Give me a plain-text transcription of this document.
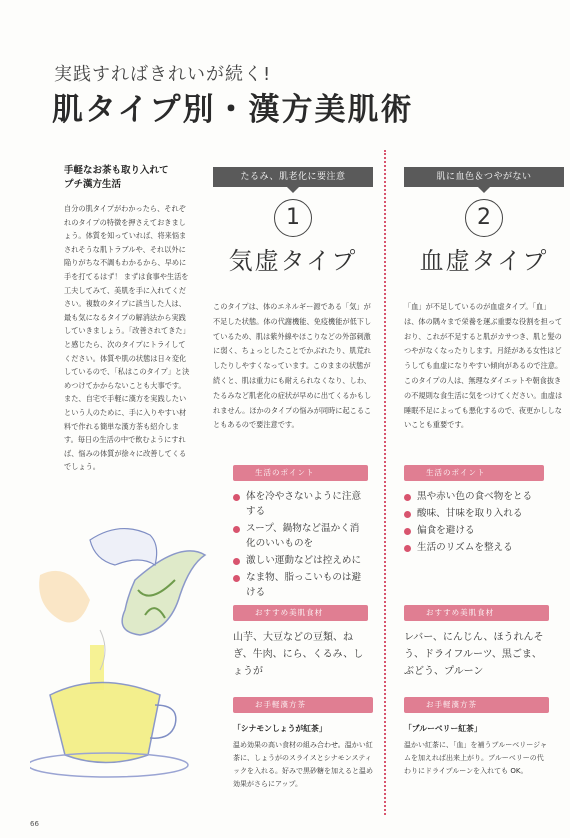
実践すればきれいが続く!
肌タイプ別・漢方美肌術
手軽なお茶も取り入れて
プチ漢方生活
自分の肌タイプがわかったら、それぞれのタイプの特徴を押さえておきましょう。体質を知っていれば、将来悩まされそうな肌トラブルや、それ以外に陥りがちな不調もわかるから、早めに手を打てるはず！ まずは食事や生活を工夫してみて、美肌を手に入れてください。複数のタイプに該当した人は、最も気になるタイプの解消法から実践していきましょう。「改善されてきた」と感じたら、次のタイプにトライしてください。体質や肌の状態は日々変化しているので、「私はこのタイプ」と決めつけてかからないことも大事です。また、自宅で手軽に漢方を実践したいという人のために、手に入りやすい材料で作れる簡単な漢方茶も紹介します。毎日の生活の中で飲むようにすれば、悩みの体質が徐々に改善してくるでしょう。
たるみ、肌老化に要注意
1
気虚タイプ
このタイプは、体のエネルギー源である「気」が不足した状態。体の代謝機能、免疫機能が低下しているため、肌は紫外線やほこりなどの外部刺激に弱く、ちょっとしたことでかぶれたり、肌荒れしたりしやすくなっています。このままの状態が続くと、肌は重力にも耐えられなくなり、しわ、たるみなど肌老化の症状が早めに出てくるかもしれません。ほかのタイプの悩みが同時に起こることもあるので要注意です。
生活のポイント
体を冷やさないように注意する
スープ、鍋物など温かく消化のいいものを
激しい運動などは控えめに
なま物、脂っこいものは避ける
おすすめ美肌食材
山芋、大豆などの豆類、ねぎ、牛肉、にら、くるみ、しょうが
お手軽漢方茶
「シナモンしょうが紅茶」
温め効果の高い食材の組み合わせ。温かい紅茶に、しょうがのスライスとシナモンスティックを入れる。好みで黒砂糖を加えると温め効果がさらにアップ。
肌に血色＆つやがない
2
血虚タイプ
「血」が不足しているのが血虚タイプ。「血」は、体の隅々まで栄養を運ぶ重要な役割を担っており、これが不足すると肌がカサつき、肌と髪のつやがなくなったりします。月経がある女性はどうしても血虚になりやすい傾向があるので注意。このタイプの人は、無理なダイエットや朝食抜きの不規則な食生活に気をつけてください。血虚は睡眠不足によっても悪化するので、夜更かししないことも重要です。
生活のポイント
黒や赤い色の食べ物をとる
酸味、甘味を取り入れる
偏食を避ける
生活のリズムを整える
おすすめ美肌食材
レバー、にんじん、ほうれんそう、ドライフルーツ、黒ごま、ぶどう、プルーン
お手軽漢方茶
「ブルーベリー紅茶」
温かい紅茶に、「血」を補うブルーベリージャムを加えれば出来上がり。ブルーベリーの代わりにドライプルーンを入れても OK。
66
